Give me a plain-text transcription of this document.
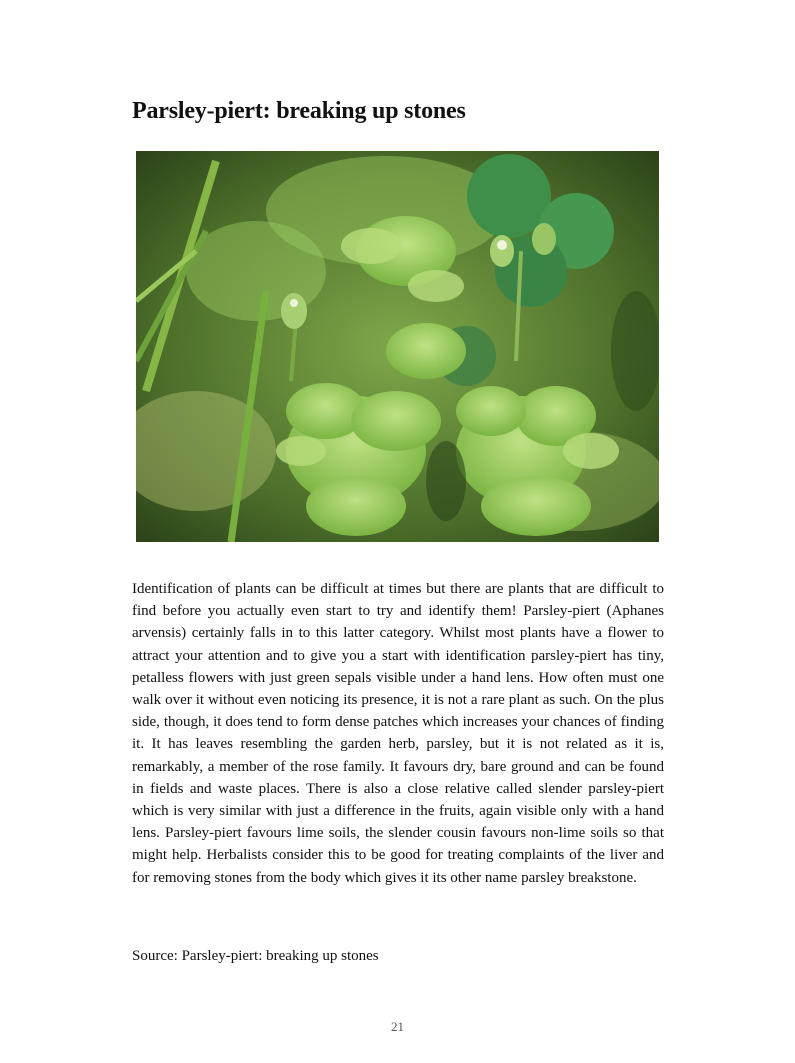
Parsley-piert: breaking up stones

Identification of plants can be difficult at times but there are plants that are difficult to find before you actually even start to try and identify them! Parsley-piert (Aphanes arvensis) certainly falls in to this latter category. Whilst most plants have a flower to attract your attention and to give you a start with identification parsley-piert has tiny, petalless flowers with just green sepals visible under a hand lens. How often must one walk over it without even noticing its presence, it is not a rare plant as such. On the plus side, though, it does tend to form dense patches which increases your chances of finding it. It has leaves resembling the garden herb, parsley, but it is not related as it is, remarkably, a member of the rose family. It favours dry, bare ground and can be found in fields and waste places. There is also a close relative called slender parsley-piert which is very similar with just a difference in the fruits, again visible only with a hand lens. Parsley-piert favours lime soils, the slender cousin favours non-lime soils so that might help. Herbalists consider this to be good for treating complaints of the liver and for removing stones from the body which gives it its other name parsley breakstone.

Source: Parsley-piert: breaking up stones

21
